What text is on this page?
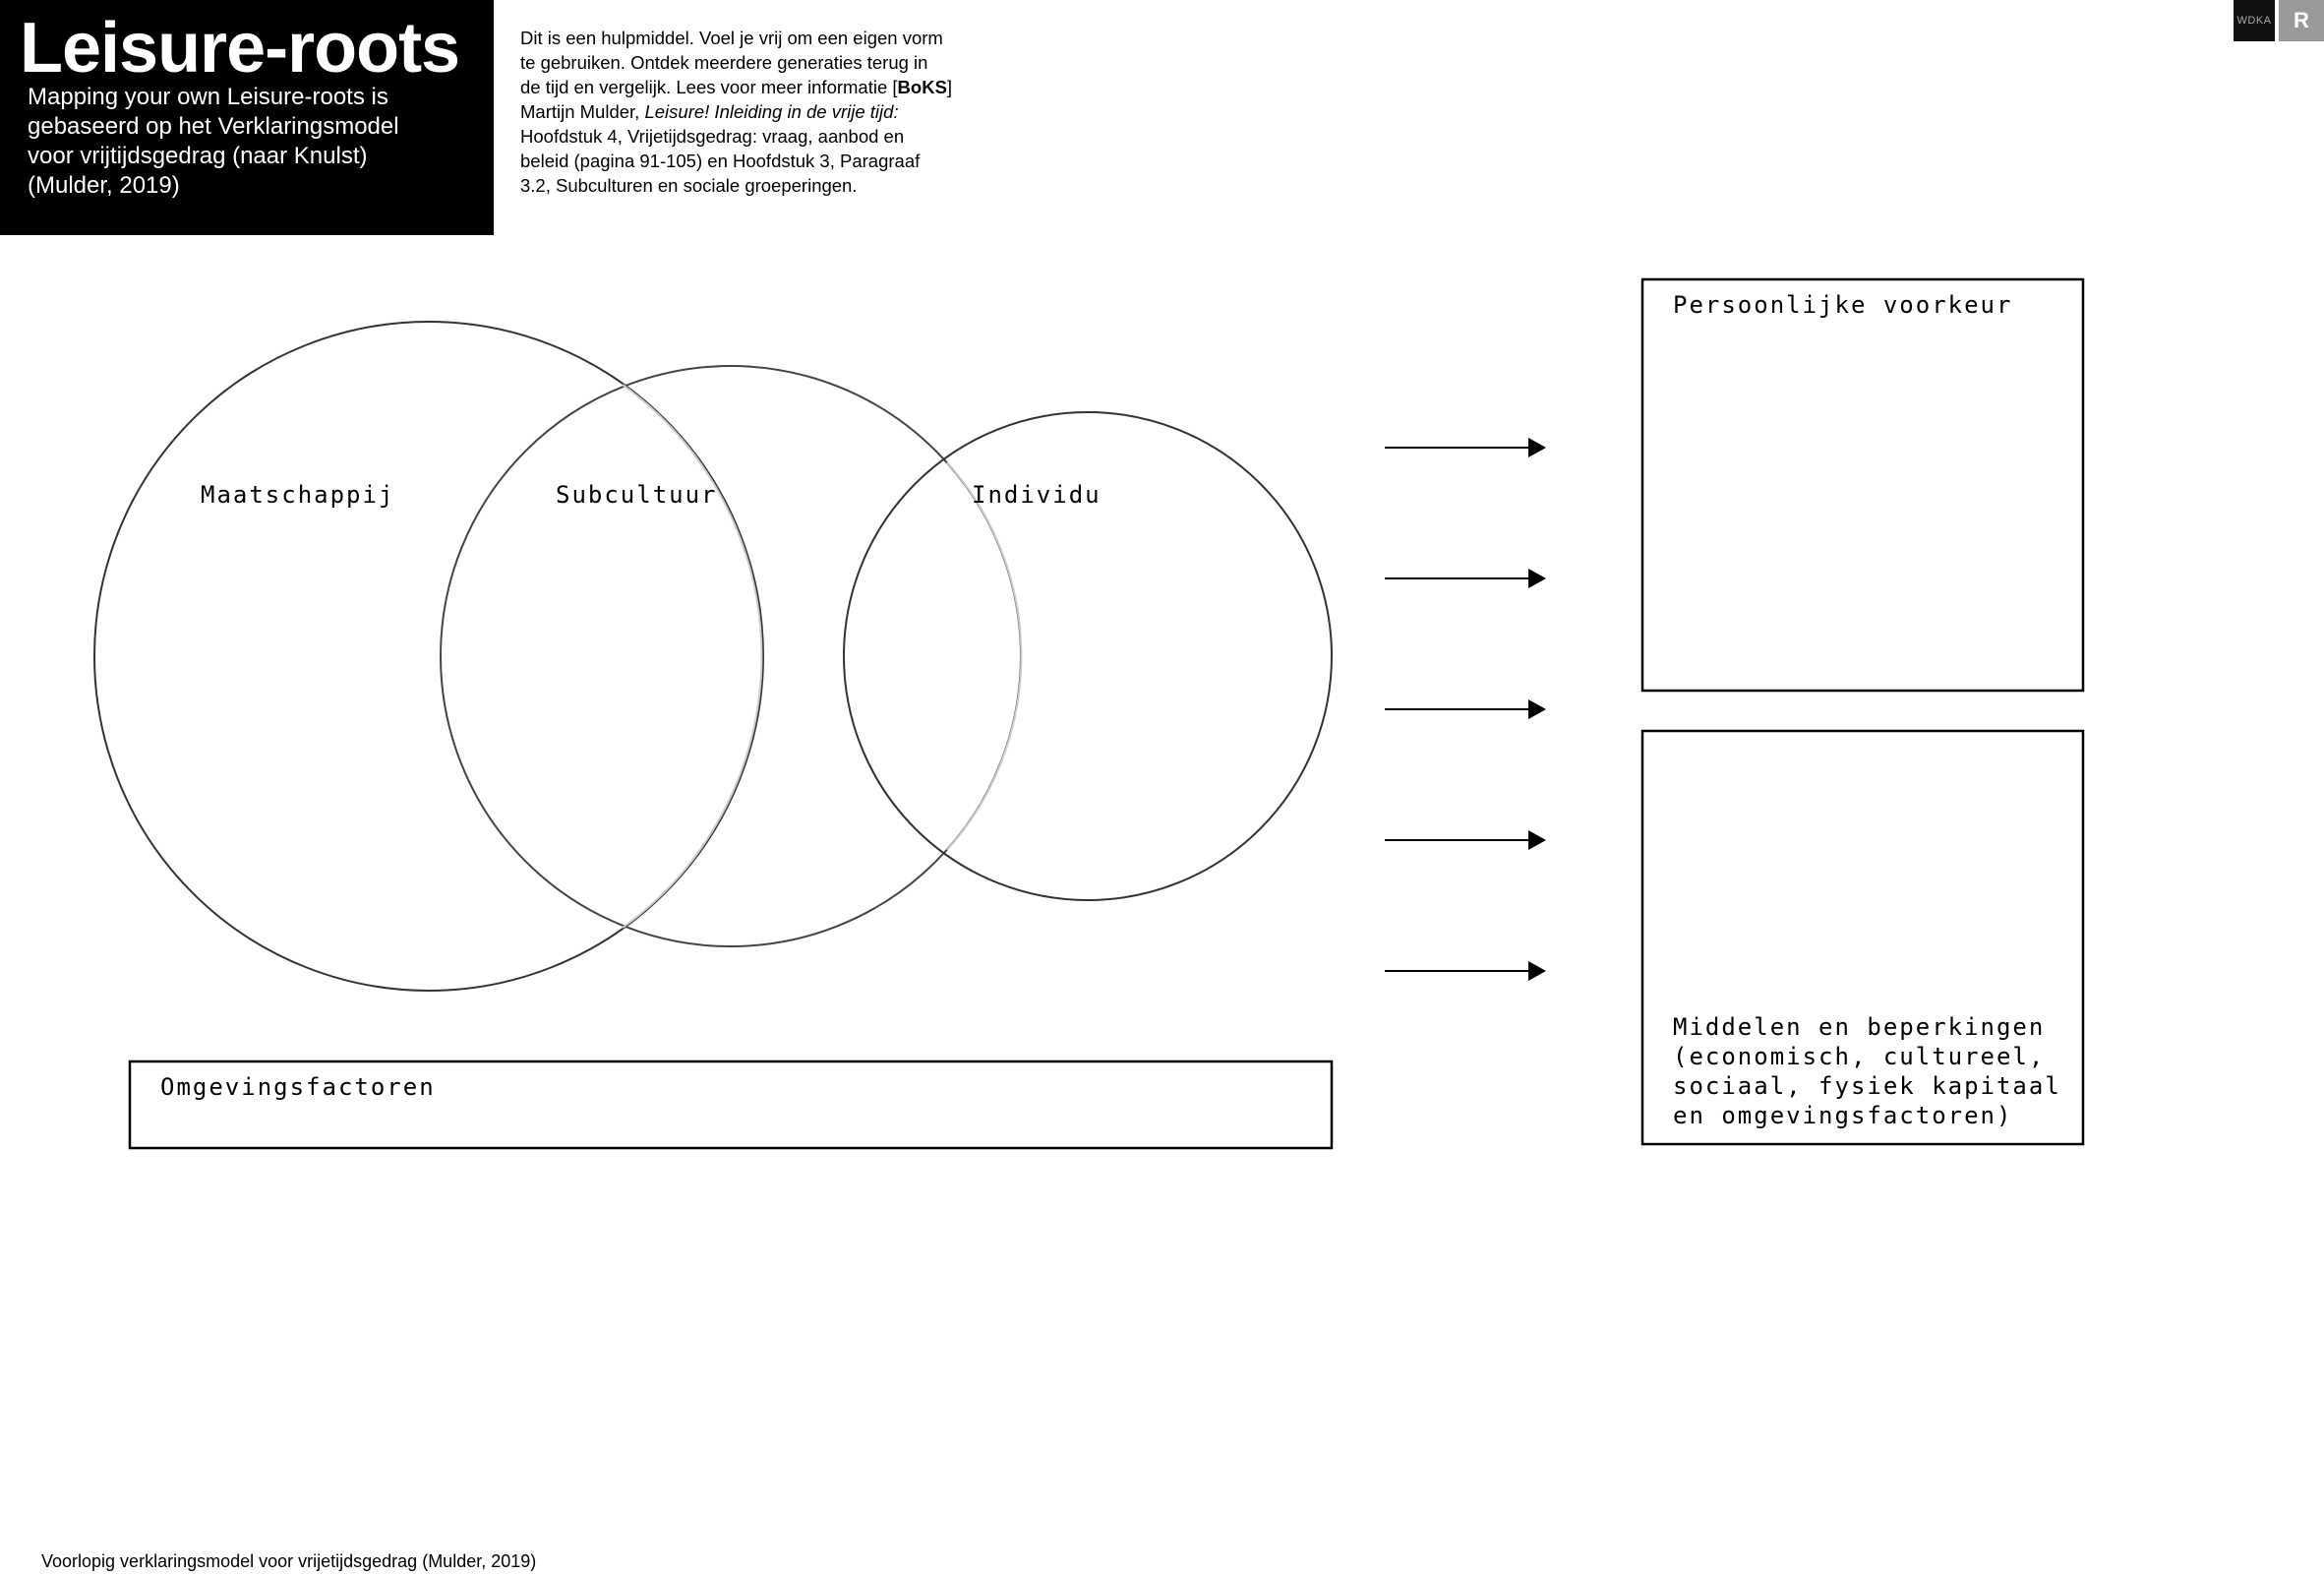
Leisure-roots
Mapping your own Leisure-roots is gebaseerd op het Verklaringsmodel voor vrijtijdsgedrag (naar Knulst) (Mulder, 2019)
Dit is een hulpmiddel. Voel je vrij om een eigen vorm te gebruiken. Ontdek meerdere generaties terug in de tijd en vergelijk. Lees voor meer informatie [BoKS] Martijn Mulder, Leisure! Inleiding in de vrije tijd: Hoofdstuk 4, Vrijetijdsgedrag: vraag, aanbod en beleid (pagina 91-105) en Hoofdstuk 3, Paragraaf 3.2, Subculturen en sociale groeperingen.
WDKA	R
Maatschappij	Subcultuur	Individu
Omgevingsfactoren
Persoonlijke voorkeur
Middelen en beperkingen
(economisch, cultureel,
sociaal, fysiek kapitaal
en omgevingsfactoren)
Voorlopig verklaringsmodel voor vrijetijdsgedrag (Mulder, 2019)
